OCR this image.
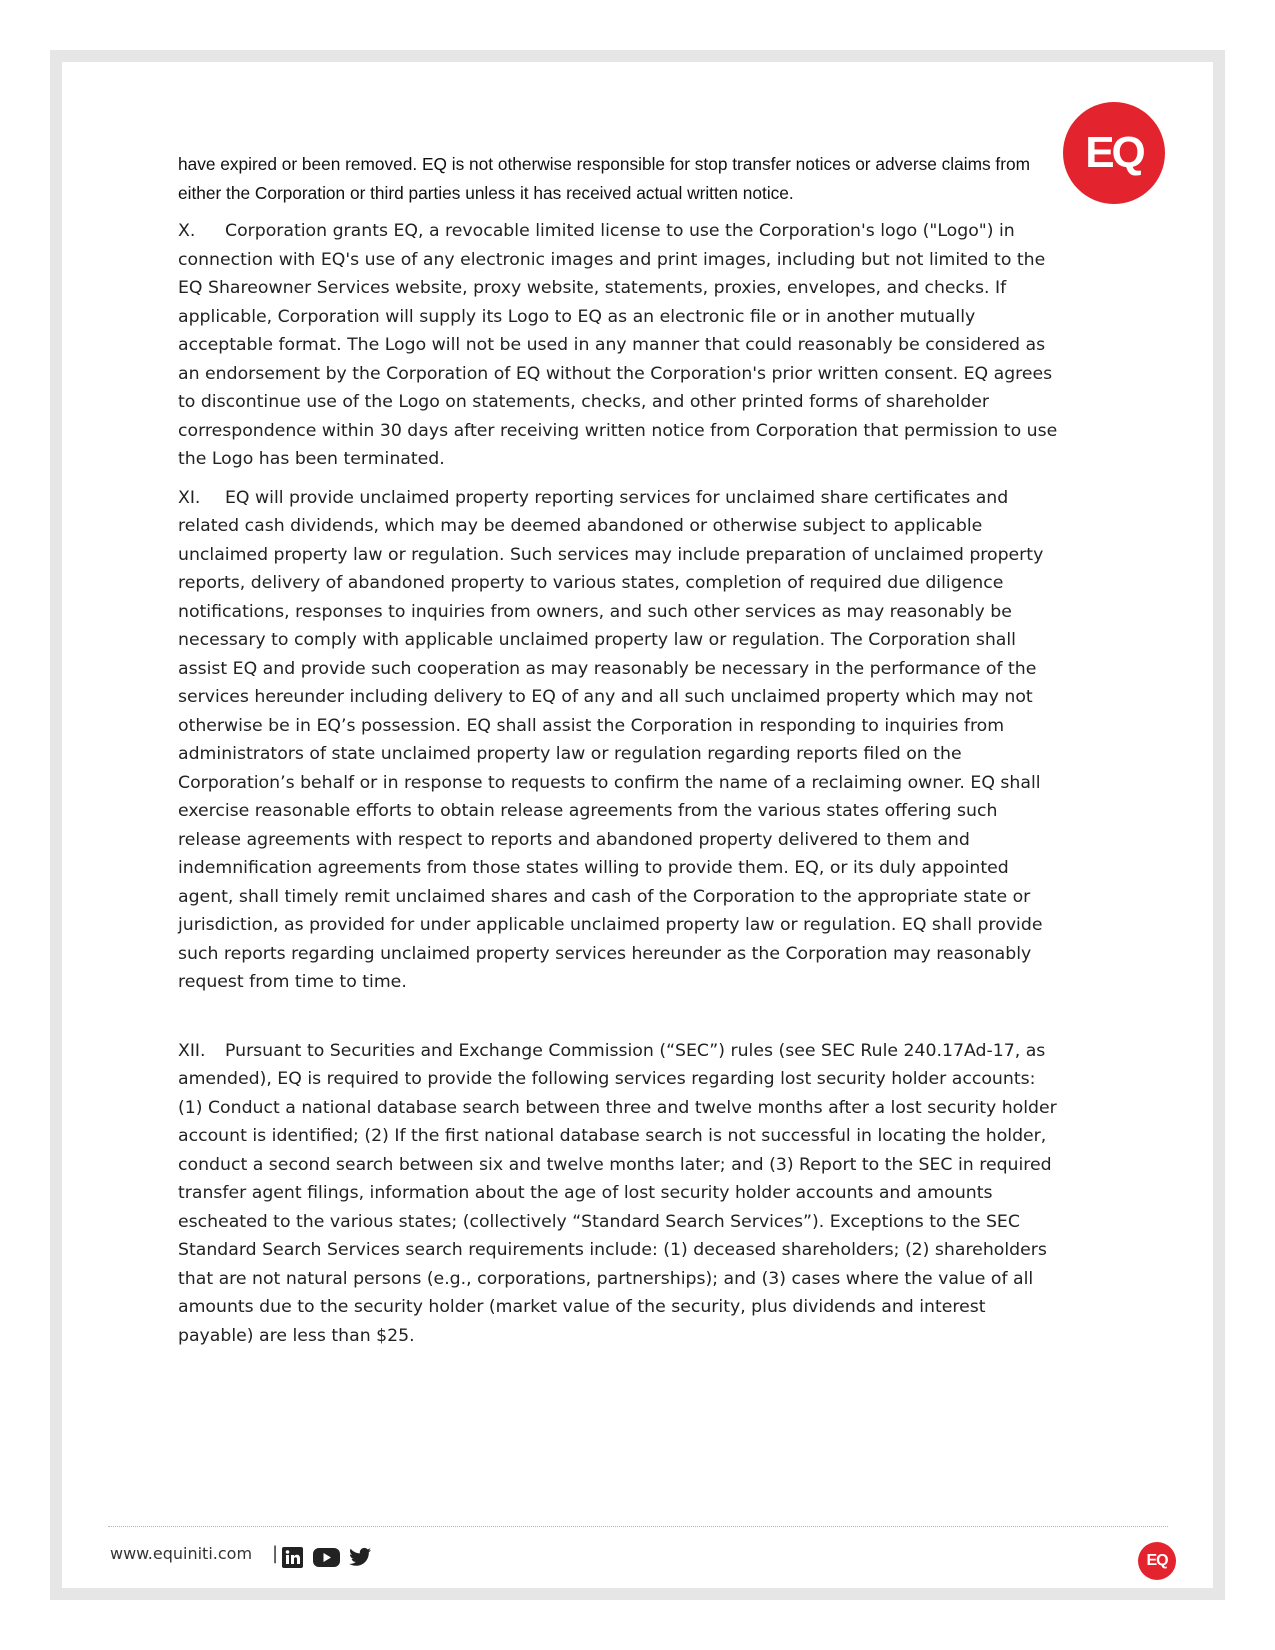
EQ

have expired or been removed. EQ is not otherwise responsible for stop transfer notices or adverse claims from either the Corporation or third parties unless it has received actual written notice.

X. Corporation grants EQ, a revocable limited license to use the Corporation's logo ("Logo") in connection with EQ's use of any electronic images and print images, including but not limited to the EQ Shareowner Services website, proxy website, statements, proxies, envelopes, and checks. If applicable, Corporation will supply its Logo to EQ as an electronic file or in another mutually acceptable format. The Logo will not be used in any manner that could reasonably be considered as an endorsement by the Corporation of EQ without the Corporation's prior written consent. EQ agrees to discontinue use of the Logo on statements, checks, and other printed forms of shareholder correspondence within 30 days after receiving written notice from Corporation that permission to use the Logo has been terminated.

XI. EQ will provide unclaimed property reporting services for unclaimed share certificates and related cash dividends, which may be deemed abandoned or otherwise subject to applicable unclaimed property law or regulation. Such services may include preparation of unclaimed property reports, delivery of abandoned property to various states, completion of required due diligence notifications, responses to inquiries from owners, and such other services as may reasonably be necessary to comply with applicable unclaimed property law or regulation. The Corporation shall assist EQ and provide such cooperation as may reasonably be necessary in the performance of the services hereunder including delivery to EQ of any and all such unclaimed property which may not otherwise be in EQ’s possession. EQ shall assist the Corporation in responding to inquiries from administrators of state unclaimed property law or regulation regarding reports filed on the Corporation’s behalf or in response to requests to confirm the name of a reclaiming owner. EQ shall exercise reasonable efforts to obtain release agreements from the various states offering such release agreements with respect to reports and abandoned property delivered to them and indemnification agreements from those states willing to provide them. EQ, or its duly appointed agent, shall timely remit unclaimed shares and cash of the Corporation to the appropriate state or jurisdiction, as provided for under applicable unclaimed property law or regulation. EQ shall provide such reports regarding unclaimed property services hereunder as the Corporation may reasonably request from time to time.

XII. Pursuant to Securities and Exchange Commission (“SEC”) rules (see SEC Rule 240.17Ad-17, as amended), EQ is required to provide the following services regarding lost security holder accounts: (1) Conduct a national database search between three and twelve months after a lost security holder account is identified; (2) If the first national database search is not successful in locating the holder, conduct a second search between six and twelve months later; and (3) Report to the SEC in required transfer agent filings, information about the age of lost security holder accounts and amounts escheated to the various states; (collectively “Standard Search Services”). Exceptions to the SEC Standard Search Services search requirements include: (1) deceased shareholders; (2) shareholders that are not natural persons (e.g., corporations, partnerships); and (3) cases where the value of all amounts due to the security holder (market value of the security, plus dividends and interest payable) are less than $25.

www.equiniti.com |	EQ
